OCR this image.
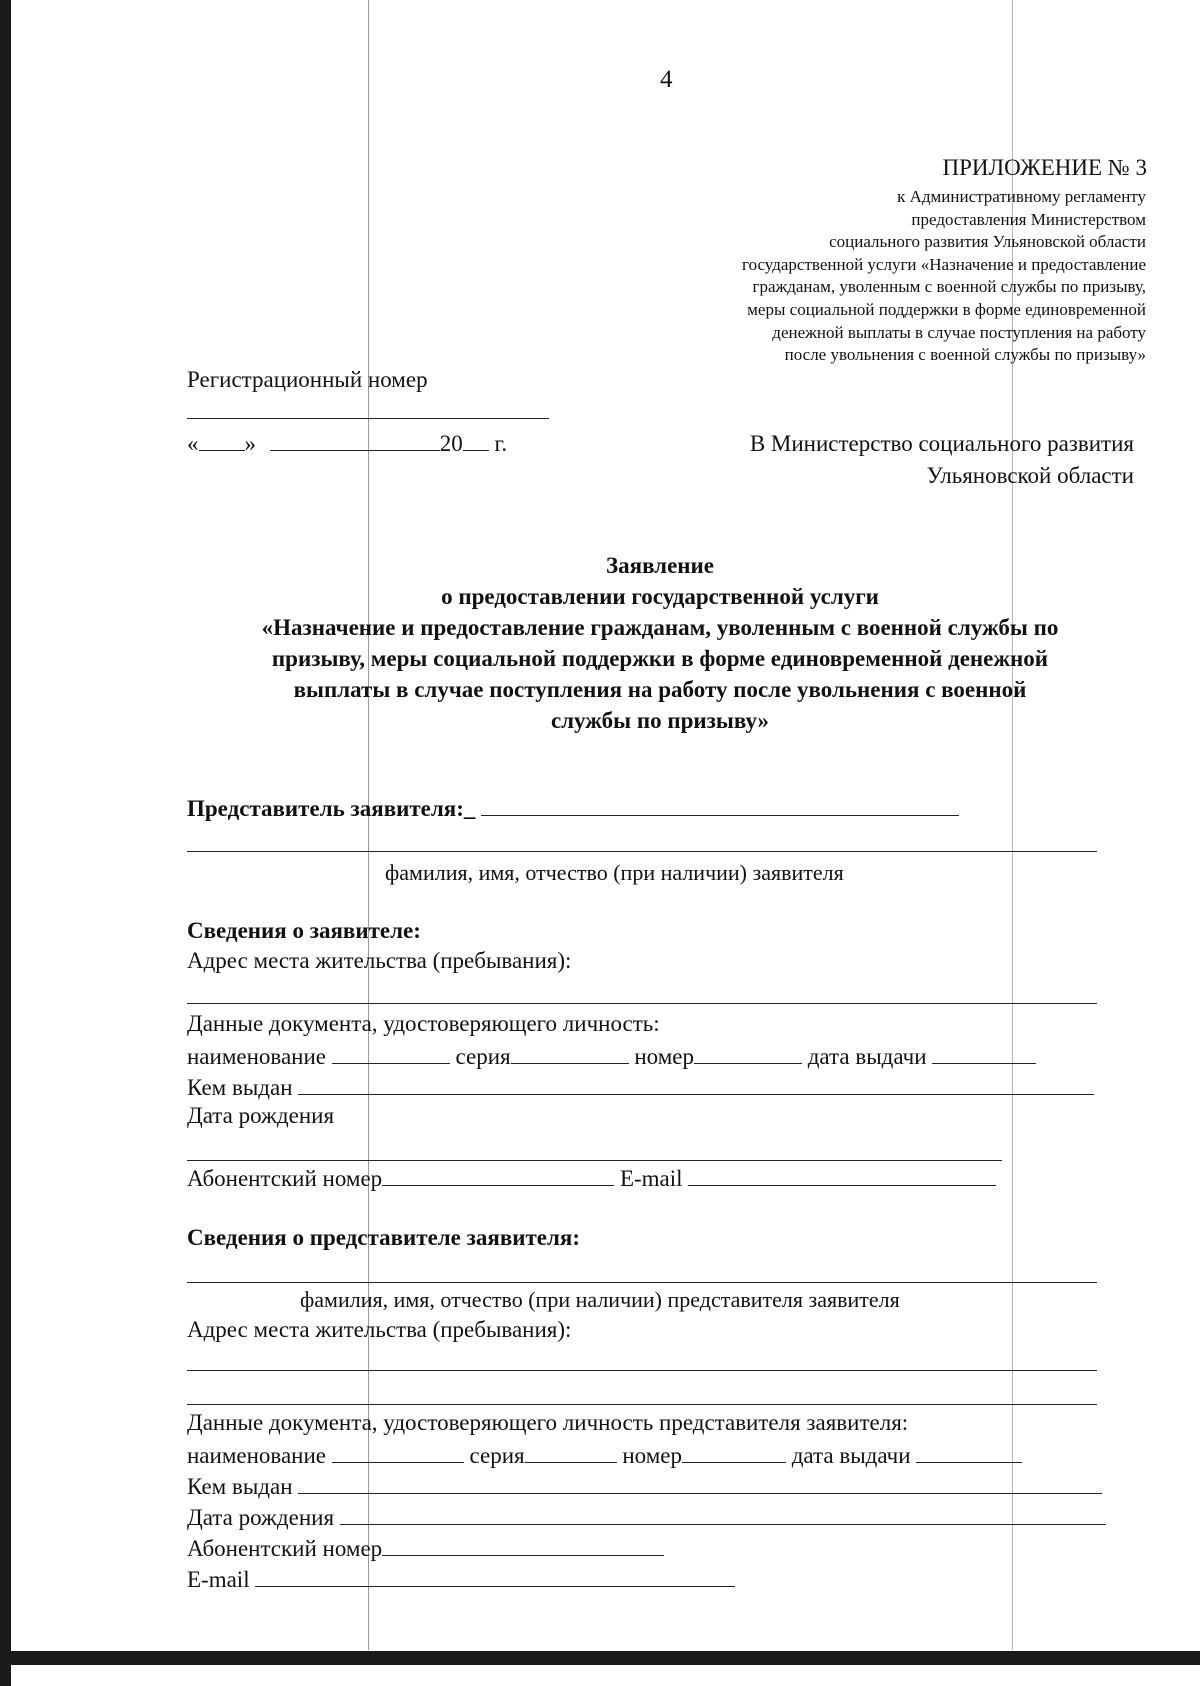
4
ПРИЛОЖЕНИЕ № 3
к Административному регламенту
предоставления Министерством
социального развития Ульяновской области
государственной услуги «Назначение и предоставление
гражданам, уволенным с военной службы по призыву,
меры социальной поддержки в форме единовременной
денежной выплаты в случае поступления на работу
после увольнения с военной службы по призыву»
Регистрационный номер
« »	20 г.	В Министерство социального развития
Ульяновской области
Заявление
о предоставлении государственной услуги
«Назначение и предоставление гражданам, уволенным с военной службы по
призыву, меры социальной поддержки в форме единовременной денежной
выплаты в случае поступления на работу после увольнения с военной
службы по призыву»
Представитель заявителя:_
фамилия, имя, отчество (при наличии) заявителя
Сведения о заявителе:
Адрес места жительства (пребывания):
Данные документа, удостоверяющего личность:
наименование	серия	номер	дата выдачи
Кем выдан
Дата рождения
Абонентский номер	E-mail
Сведения о представителе заявителя:
фамилия, имя, отчество (при наличии) представителя заявителя
Адрес места жительства (пребывания):
Данные документа, удостоверяющего личность представителя заявителя:
наименование	серия	номер	дата выдачи
Кем выдан
Дата рождения
Абонентский номер
E-mail
